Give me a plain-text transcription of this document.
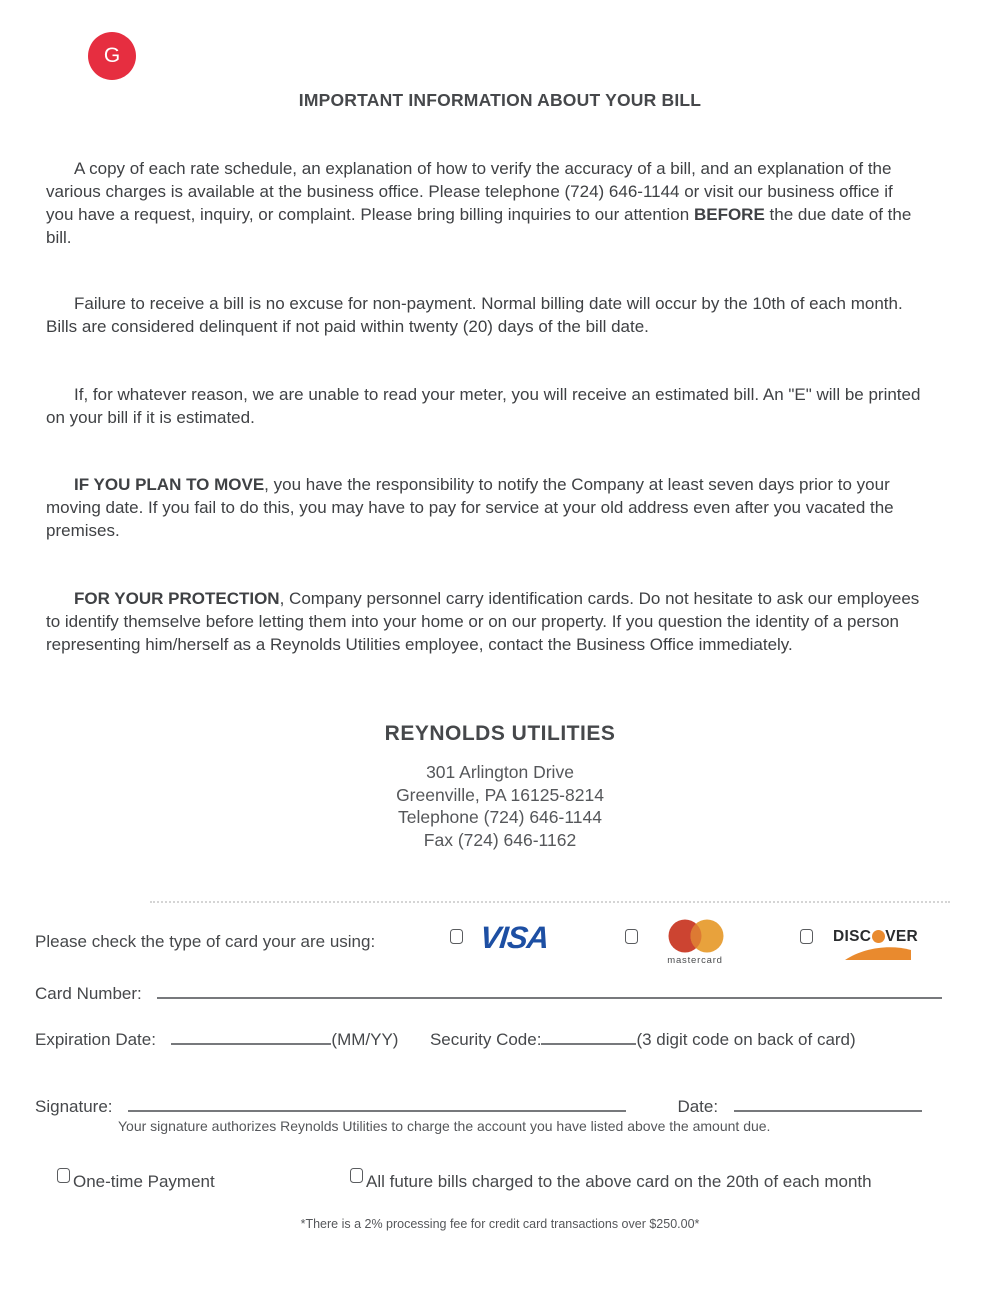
G
IMPORTANT INFORMATION ABOUT YOUR BILL

A copy of each rate schedule, an explanation of how to verify the accuracy of a bill, and an explanation of the various charges is available at the business office. Please telephone (724) 646-1144 or visit our business office if you have a request, inquiry, or complaint. Please bring billing inquiries to our attention BEFORE the due date of the bill.

Failure to receive a bill is no excuse for non-payment. Normal billing date will occur by the 10th of each month. Bills are considered delinquent if not paid within twenty (20) days of the bill date.

If, for whatever reason, we are unable to read your meter, you will receive an estimated bill. An "E" will be printed on your bill if it is estimated.

IF YOU PLAN TO MOVE, you have the responsibility to notify the Company at least seven days prior to your moving date. If you fail to do this, you may have to pay for service at your old address even after you vacated the premises.

FOR YOUR PROTECTION, Company personnel carry identification cards. Do not hesitate to ask our employees to identify themselve before letting them into your home or on our property. If you question the identity of a person representing him/herself as a Reynolds Utilities employee, contact the Business Office immediately.

REYNOLDS UTILITIES
301 Arlington Drive
Greenville, PA 16125-8214
Telephone (724) 646-1144
Fax (724) 646-1162
Please check the type of card your are using:	VISA
mastercard
DISC VER
Card Number:
Expiration Date:	(MM/YY) Security Code:	(3 digit code on back of card)
Signature:	Date:
Your signature authorizes Reynolds Utilities to charge the account you have listed above the amount due.
One-time Payment	All future bills charged to the above card on the 20th of each month
*There is a 2% processing fee for credit card transactions over $250.00*
